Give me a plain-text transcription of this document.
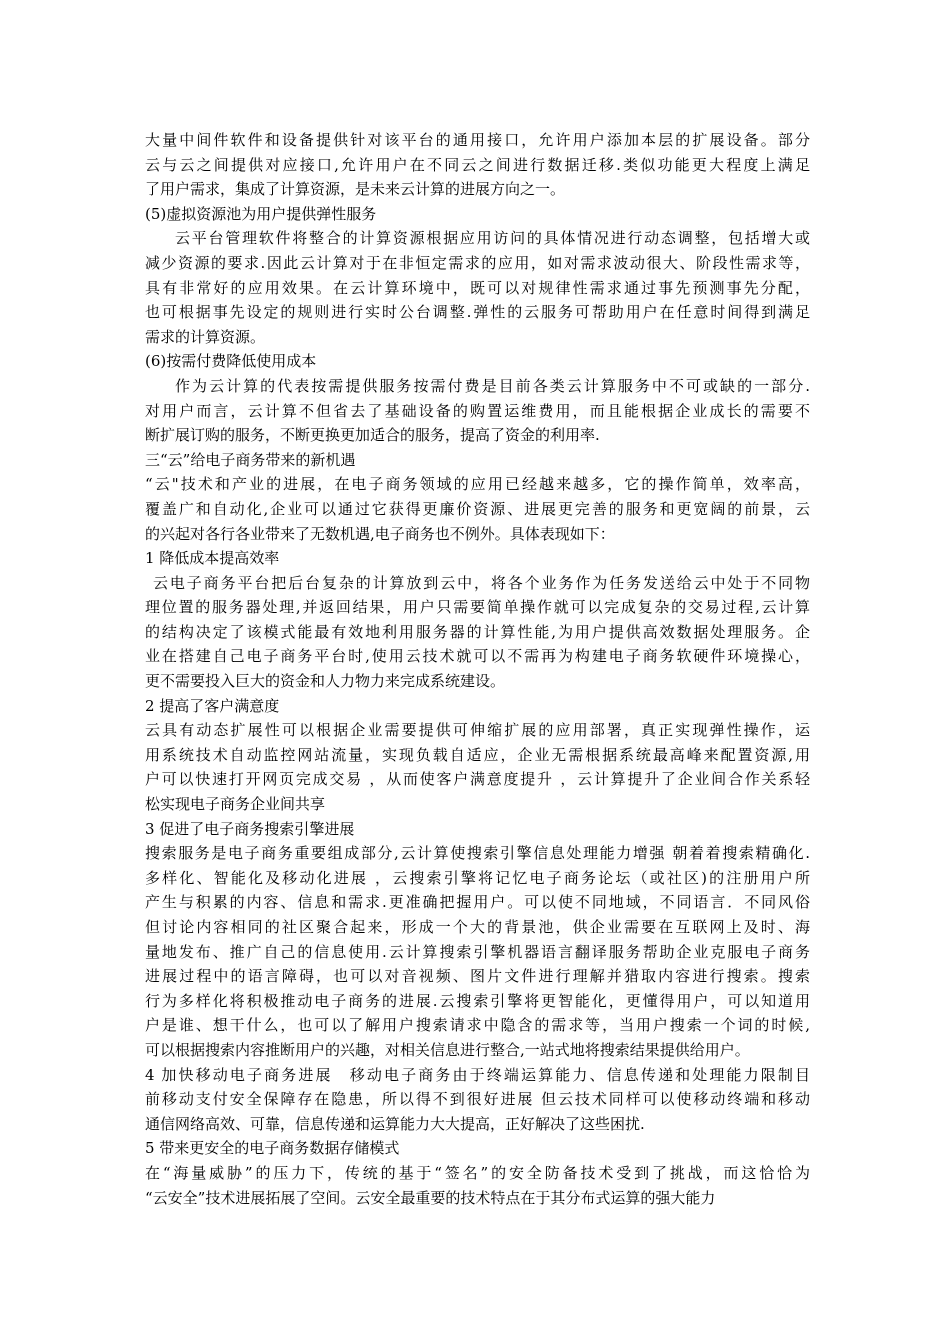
大量中间件软件和设备提供针对该平台的通用接口，允许用户添加本层的扩展设备。部分
云与云之间提供对应接口,允许用户在不同云之间进行数据迁移.类似功能更大程度上满足
了用户需求，集成了计算资源，是未来云计算的进展方向之一。
(5)虚拟资源池为用户提供弹性服务
云平台管理软件将整合的计算资源根据应用访问的具体情况进行动态调整，包括增大或
减少资源的要求.因此云计算对于在非恒定需求的应用，如对需求波动很大、阶段性需求等，
具有非常好的应用效果。在云计算环境中，既可以对规律性需求通过事先预测事先分配，
也可根据事先设定的规则进行实时公台调整.弹性的云服务可帮助用户在任意时间得到满足
需求的计算资源。
(6)按需付费降低使用成本
作为云计算的代表按需提供服务按需付费是目前各类云计算服务中不可或缺的一部分.
对用户而言，云计算不但省去了基础设备的购置运维费用，而且能根据企业成长的需要不
断扩展订购的服务，不断更换更加适合的服务，提高了资金的利用率.
三“云”给电子商务带来的新机遇
“云"技术和产业的进展，在电子商务领域的应用已经越来越多，它的操作简单，效率高，
覆盖广和自动化,企业可以通过它获得更廉价资源、进展更完善的服务和更宽阔的前景，云
的兴起对各行各业带来了无数机遇,电子商务也不例外。具体表现如下：
1 降低成本提高效率
云电子商务平台把后台复杂的计算放到云中，将各个业务作为任务发送给云中处于不同物
理位置的服务器处理,并返回结果，用户只需要简单操作就可以完成复杂的交易过程,云计算
的结构决定了该模式能最有效地利用服务器的计算性能,为用户提供高效数据处理服务。企
业在搭建自己电子商务平台时,使用云技术就可以不需再为构建电子商务软硬件环境操心，
更不需要投入巨大的资金和人力物力来完成系统建设。
2 提高了客户满意度
云具有动态扩展性可以根据企业需要提供可伸缩扩展的应用部署，真正实现弹性操作，运
用系统技术自动监控网站流量，实现负载自适应，企业无需根据系统最高峰来配置资源,用
户可以快速打开网页完成交易 ，从而使客户满意度提升 ，云计算提升了企业间合作关系轻
松实现电子商务企业间共享
3 促进了电子商务搜索引擎进展
搜索服务是电子商务重要组成部分,云计算使搜索引擎信息处理能力增强 朝着着搜索精确化.
多样化、智能化及移动化进展 ，云搜索引擎将记忆电子商务论坛（或社区)的注册用户所
产生与积累的内容、信息和需求.更准确把握用户。可以使不同地域，不同语言．不同风俗
但讨论内容相同的社区聚合起来，形成一个大的背景池，供企业需要在互联网上及时、海
量地发布、推广自己的信息使用.云计算搜索引擎机器语言翻译服务帮助企业克服电子商务
进展过程中的语言障碍，也可以对音视频、图片文件进行理解并猎取内容进行搜索。搜索
行为多样化将积极推动电子商务的进展.云搜索引擎将更智能化，更懂得用户，可以知道用
户是谁、想干什么，也可以了解用户搜索请求中隐含的需求等，当用户搜索一个词的时候,
可以根据搜索内容推断用户的兴趣，对相关信息进行整合,一站式地将搜索结果提供给用户。
4 加快移动电子商务进展　移动电子商务由于终端运算能力、信息传递和处理能力限制目
前移动支付安全保障存在隐患，所以得不到很好进展 但云技术同样可以使移动终端和移动
通信网络高效、可靠，信息传递和运算能力大大提高，正好解决了这些困扰.
5 带来更安全的电子商务数据存储模式
在“海量威胁”的压力下，传统的基于“签名”的安全防备技术受到了挑战，而这恰恰为
“云安全”技术进展拓展了空间。云安全最重要的技术特点在于其分布式运算的强大能力
